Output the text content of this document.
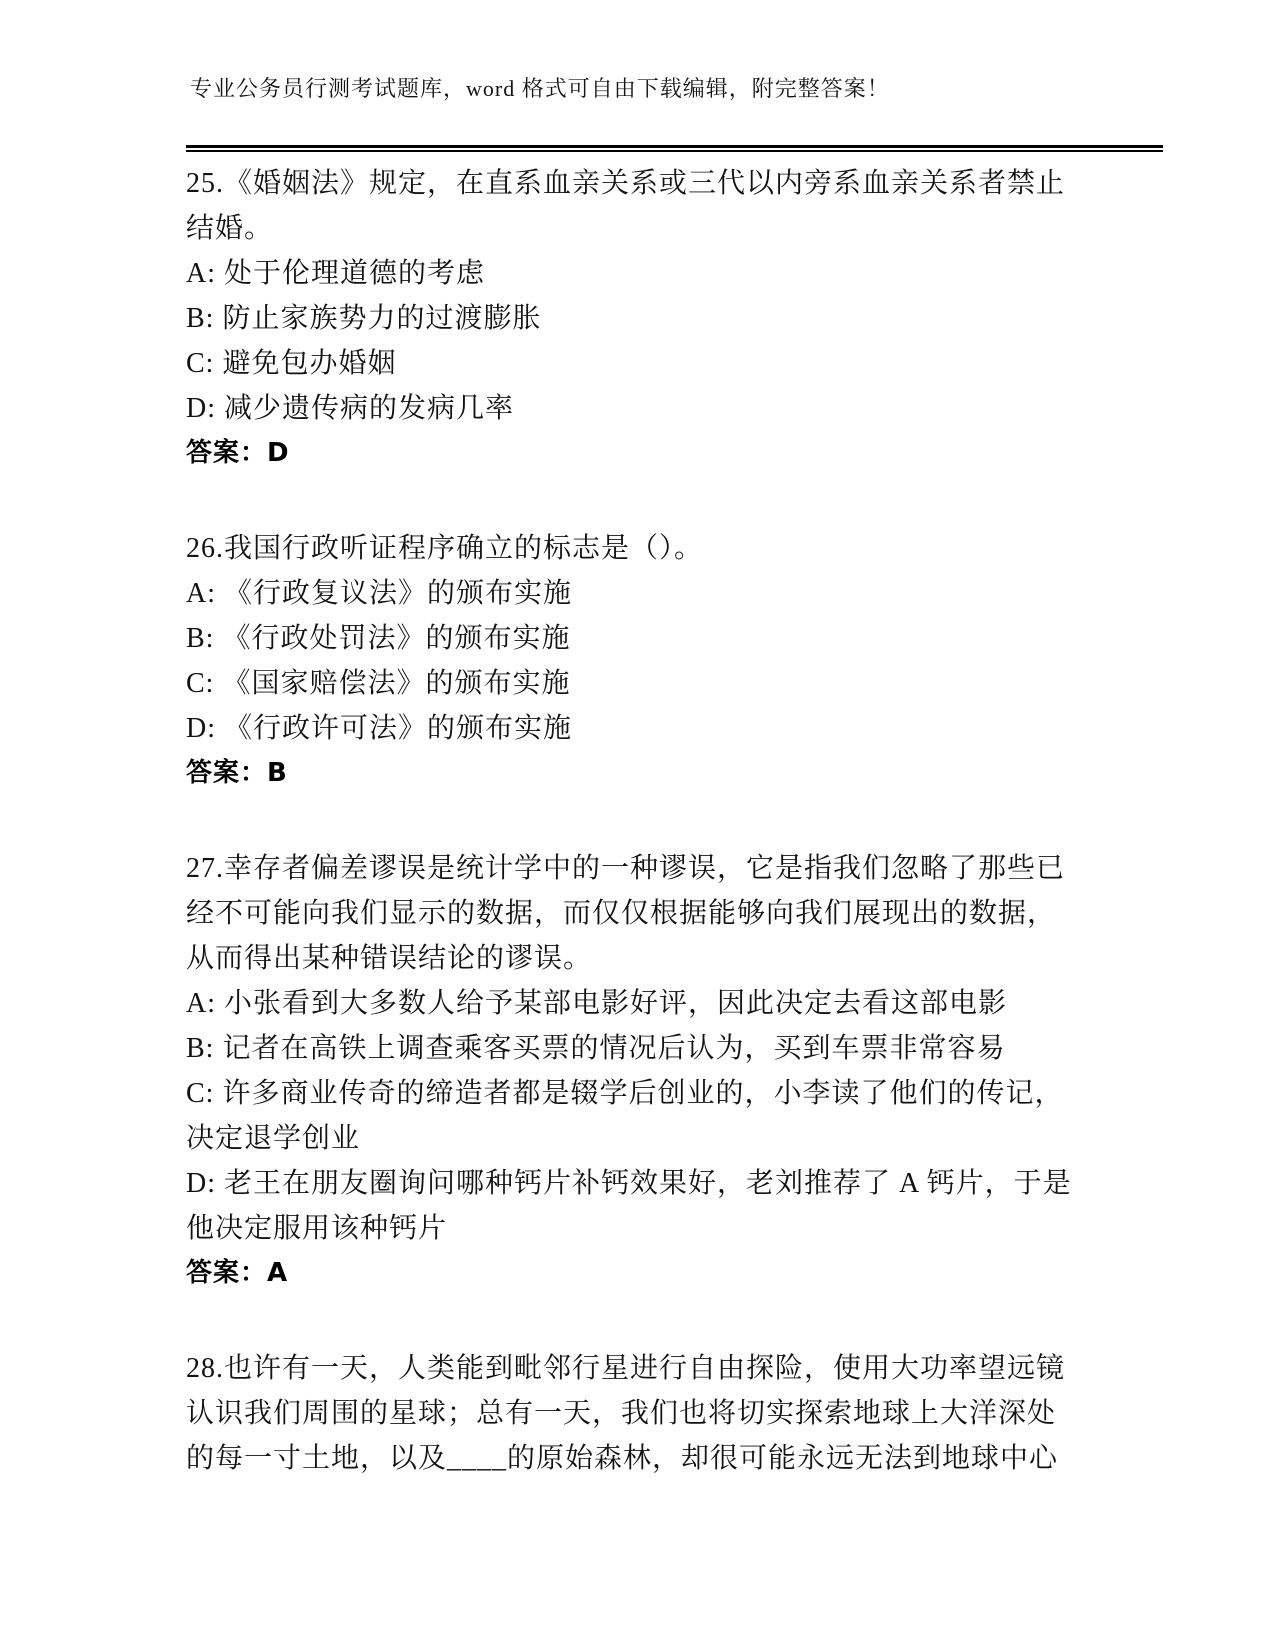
专业公务员行测考试题库，word 格式可自由下载编辑，附完整答案！

25.《婚姻法》规定，在直系血亲关系或三代以内旁系血亲关系者禁止

结婚。

A: 处于伦理道德的考虑

B: 防止家族势力的过渡膨胀

C: 避免包办婚姻

D: 减少遗传病的发病几率

答案：D

26.我国行政听证程序确立的标志是（）。

A: 《行政复议法》的颁布实施

B: 《行政处罚法》的颁布实施

C: 《国家赔偿法》的颁布实施

D: 《行政许可法》的颁布实施

答案：B

27.幸存者偏差谬误是统计学中的一种谬误，它是指我们忽略了那些已

经不可能向我们显示的数据，而仅仅根据能够向我们展现出的数据，

从而得出某种错误结论的谬误。

A: 小张看到大多数人给予某部电影好评，因此决定去看这部电影

B: 记者在高铁上调查乘客买票的情况后认为，买到车票非常容易

C: 许多商业传奇的缔造者都是辍学后创业的，小李读了他们的传记，

决定退学创业

D: 老王在朋友圈询问哪种钙片补钙效果好，老刘推荐了 A 钙片，于是

他决定服用该种钙片

答案：A

28.也许有一天，人类能到毗邻行星进行自由探险，使用大功率望远镜

认识我们周围的星球；总有一天，我们也将切实探索地球上大洋深处

的每一寸土地，以及____的原始森林，却很可能永远无法到地球中心
